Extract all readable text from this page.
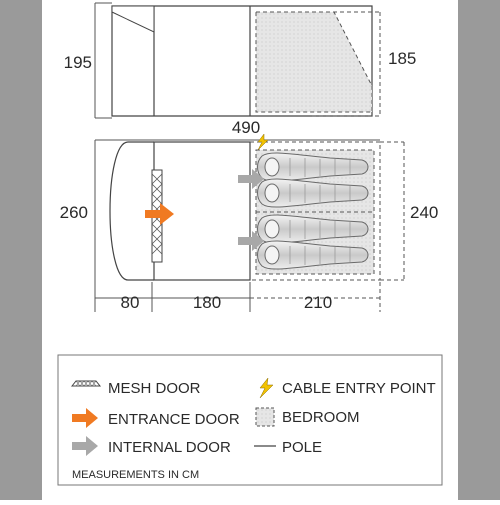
195	185
490
260	240
80	180	210
MESH DOOR
ENTRANCE DOOR
INTERNAL DOOR
CABLE ENTRY POINT
BEDROOM
POLE
MEASUREMENTS IN CM
